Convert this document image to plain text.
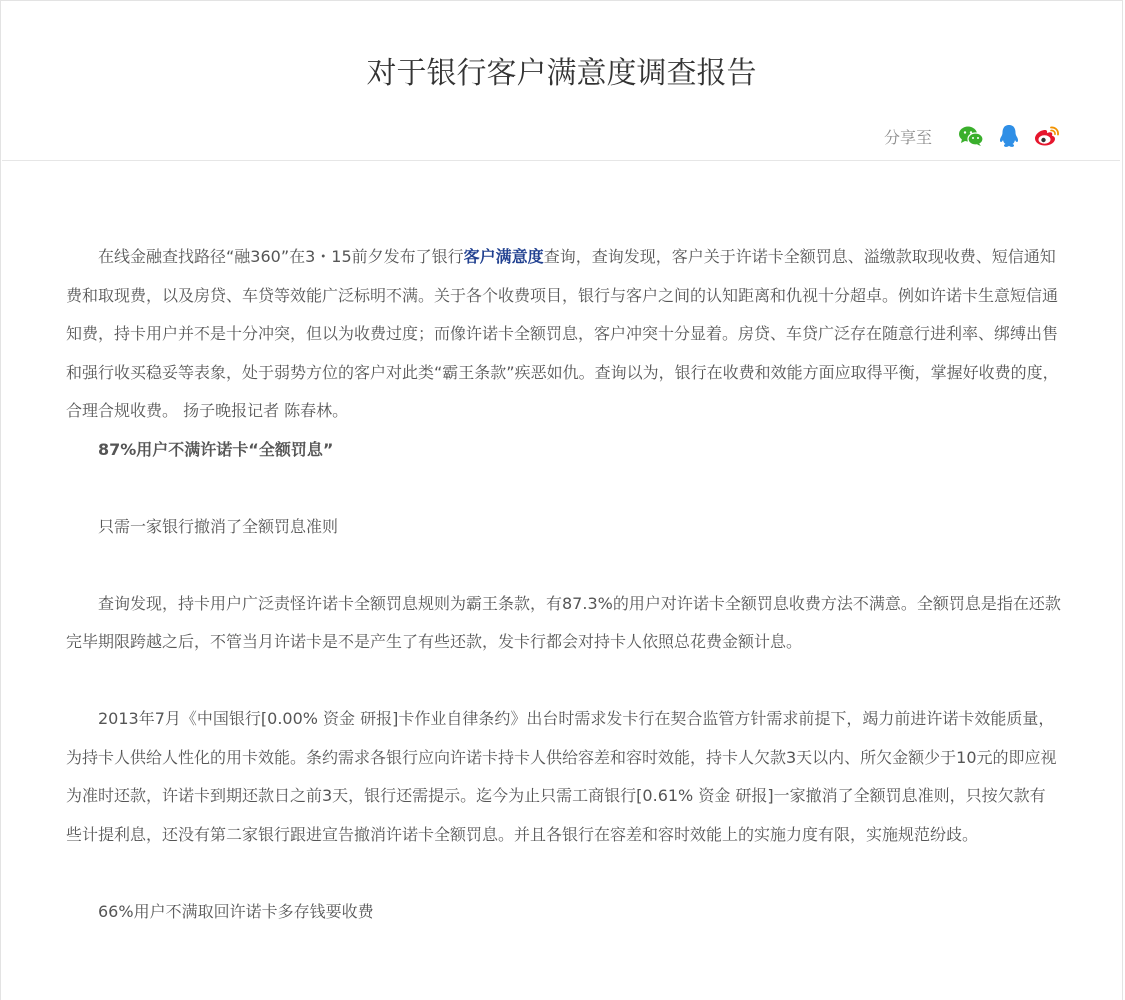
对于银行客户满意度调查报告
分享至

在线金融查找路径“融360”在3・15前夕发布了银行客户满意度查询，查询发现，客户关于许诺卡全额罚息、溢缴款取现收费、短信通知费和取现费，以及房贷、车贷等效能广泛标明不满。关于各个收费项目，银行与客户之间的认知距离和仇视十分超卓。例如许诺卡生意短信通知费，持卡用户并不是十分冲突，但以为收费过度；而像许诺卡全额罚息，客户冲突十分显着。房贷、车贷广泛存在随意行进利率、绑缚出售和强行收买稳妥等表象，处于弱势方位的客户对此类“霸王条款”疾恶如仇。查询以为，银行在收费和效能方面应取得平衡，掌握好收费的度，合理合规收费。 扬子晚报记者 陈春林。

87%用户不满许诺卡“全额罚息”

只需一家银行撤消了全额罚息准则

查询发现，持卡用户广泛责怪许诺卡全额罚息规则为霸王条款，有87.3%的用户对许诺卡全额罚息收费方法不满意。全额罚息是指在还款完毕期限跨越之后，不管当月许诺卡是不是产生了有些还款，发卡行都会对持卡人依照总花费金额计息。

2013年7月《中国银行[0.00% 资金 研报]卡作业自律条约》出台时需求发卡行在契合监管方针需求前提下，竭力前进许诺卡效能质量，为持卡人供给人性化的用卡效能。条约需求各银行应向许诺卡持卡人供给容差和容时效能，持卡人欠款3天以内、所欠金额少于10元的即应视为准时还款，许诺卡到期还款日之前3天，银行还需提示。迄今为止只需工商银行[0.61% 资金 研报]一家撤消了全额罚息准则，只按欠款有些计提利息，还没有第二家银行跟进宣告撤消许诺卡全额罚息。并且各银行在容差和容时效能上的实施力度有限，实施规范纷歧。

66%用户不满取回许诺卡多存钱要收费
